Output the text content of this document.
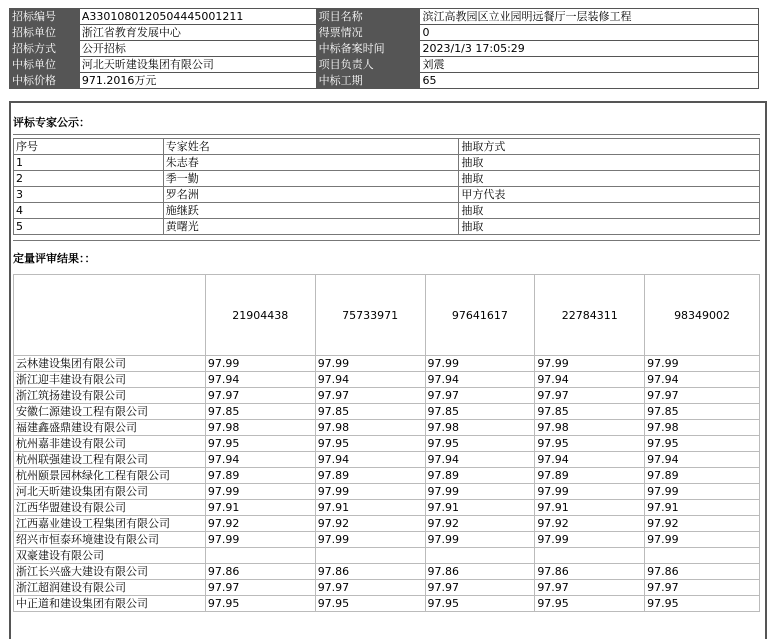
招标编号	A3301080120504445001211	项目名称	滨江高教园区立业园明远餐厅一层装修工程
招标单位	浙江省教育发展中心	得票情况	0
招标方式	公开招标	中标备案时间	2023/1/3 17:05:29
中标单位	河北天昕建设集团有限公司	项目负责人	刘震
中标价格	971.2016万元	中标工期	65
评标专家公示：
序号	专家姓名	抽取方式
1	朱志春	抽取
2	季一勤	抽取
3	罗名洲	甲方代表
4	施继跃	抽取
5	黄曙光	抽取
定量评审结果：：
	21904438	75733971	97641617	22784311	98349002
云林建设集团有限公司	97.99	97.99	97.99	97.99	97.99
浙江迎丰建设有限公司	97.94	97.94	97.94	97.94	97.94
浙江筑扬建设有限公司	97.97	97.97	97.97	97.97	97.97
安徽仁源建设工程有限公司	97.85	97.85	97.85	97.85	97.85
福建鑫盛鼎建设有限公司	97.98	97.98	97.98	97.98	97.98
杭州嘉非建设有限公司	97.95	97.95	97.95	97.95	97.95
杭州联强建设工程有限公司	97.94	97.94	97.94	97.94	97.94
杭州颐景园林绿化工程有限公司	97.89	97.89	97.89	97.89	97.89
河北天昕建设集团有限公司	97.99	97.99	97.99	97.99	97.99
江西华盟建设有限公司	97.91	97.91	97.91	97.91	97.91
江西嘉业建设工程集团有限公司	97.92	97.92	97.92	97.92	97.92
绍兴市恒泰环境建设有限公司	97.99	97.99	97.99	97.99	97.99
双豪建设有限公司					
浙江长兴盛大建设有限公司	97.86	97.86	97.86	97.86	97.86
浙江超润建设有限公司	97.97	97.97	97.97	97.97	97.97
中正道和建设集团有限公司	97.95	97.95	97.95	97.95	97.95
